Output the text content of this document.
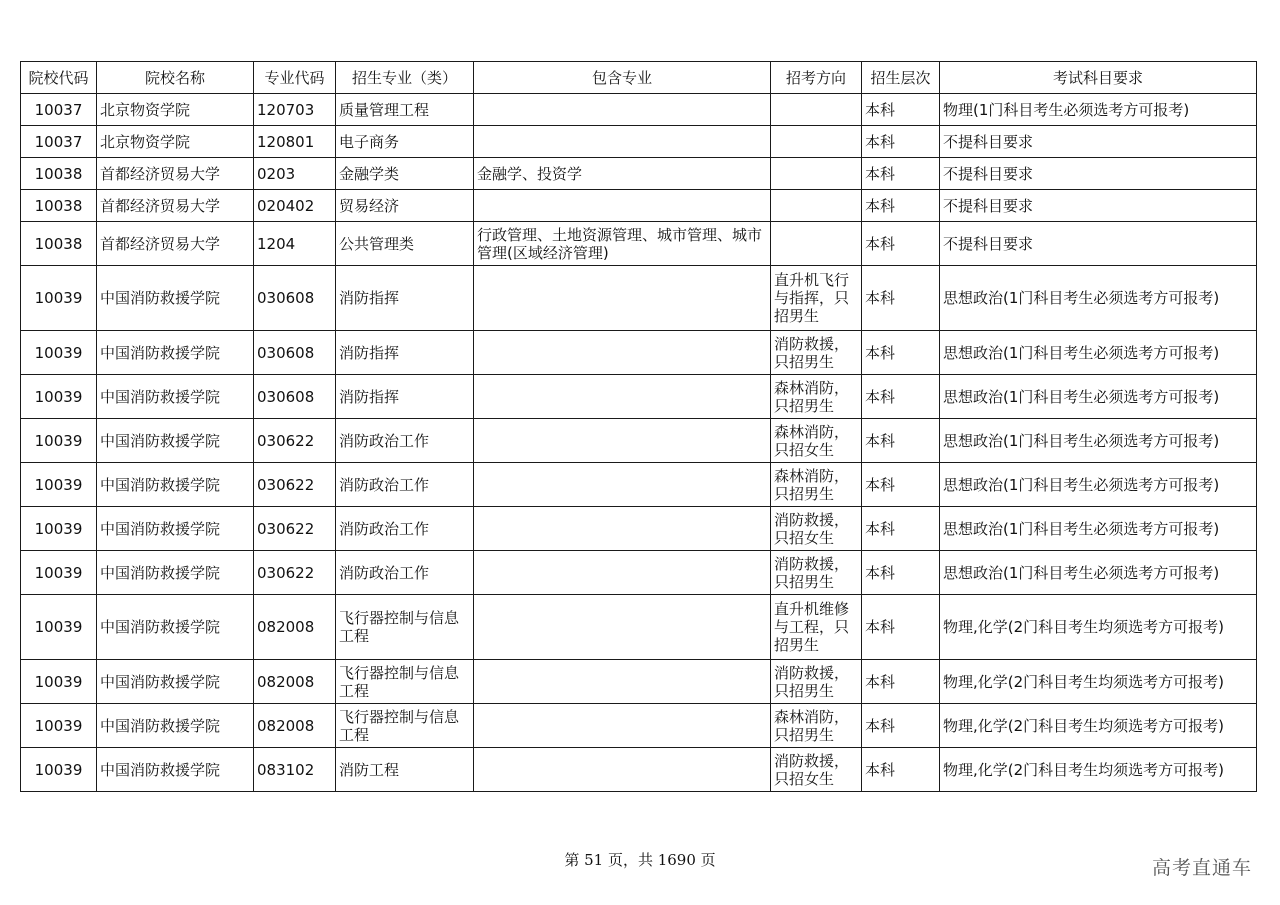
院校代码	院校名称	专业代码	招生专业（类）	包含专业	招考方向	招生层次	考试科目要求
10037	北京物资学院	120703	质量管理工程			本科	物理(1门科目考生必须选考方可报考)
10037	北京物资学院	120801	电子商务			本科	不提科目要求
10038	首都经济贸易大学	0203	金融学类	金融学、投资学		本科	不提科目要求
10038	首都经济贸易大学	020402	贸易经济			本科	不提科目要求
10038	首都经济贸易大学	1204	公共管理类	行政管理、土地资源管理、城市管理、城市管理(区域经济管理)		本科	不提科目要求
10039	中国消防救援学院	030608	消防指挥		直升机飞行与指挥，只招男生	本科	思想政治(1门科目考生必须选考方可报考)
10039	中国消防救援学院	030608	消防指挥		消防救援，只招男生	本科	思想政治(1门科目考生必须选考方可报考)
10039	中国消防救援学院	030608	消防指挥		森林消防，只招男生	本科	思想政治(1门科目考生必须选考方可报考)
10039	中国消防救援学院	030622	消防政治工作		森林消防，只招女生	本科	思想政治(1门科目考生必须选考方可报考)
10039	中国消防救援学院	030622	消防政治工作		森林消防，只招男生	本科	思想政治(1门科目考生必须选考方可报考)
10039	中国消防救援学院	030622	消防政治工作		消防救援，只招女生	本科	思想政治(1门科目考生必须选考方可报考)
10039	中国消防救援学院	030622	消防政治工作		消防救援，只招男生	本科	思想政治(1门科目考生必须选考方可报考)
10039	中国消防救援学院	082008	飞行器控制与信息工程		直升机维修与工程，只招男生	本科	物理,化学(2门科目考生均须选考方可报考)
10039	中国消防救援学院	082008	飞行器控制与信息工程		消防救援，只招男生	本科	物理,化学(2门科目考生均须选考方可报考)
10039	中国消防救援学院	082008	飞行器控制与信息工程		森林消防，只招男生	本科	物理,化学(2门科目考生均须选考方可报考)
10039	中国消防救援学院	083102	消防工程		消防救援，只招女生	本科	物理,化学(2门科目考生均须选考方可报考)
第 51 页，共 1690 页	高考直通车
